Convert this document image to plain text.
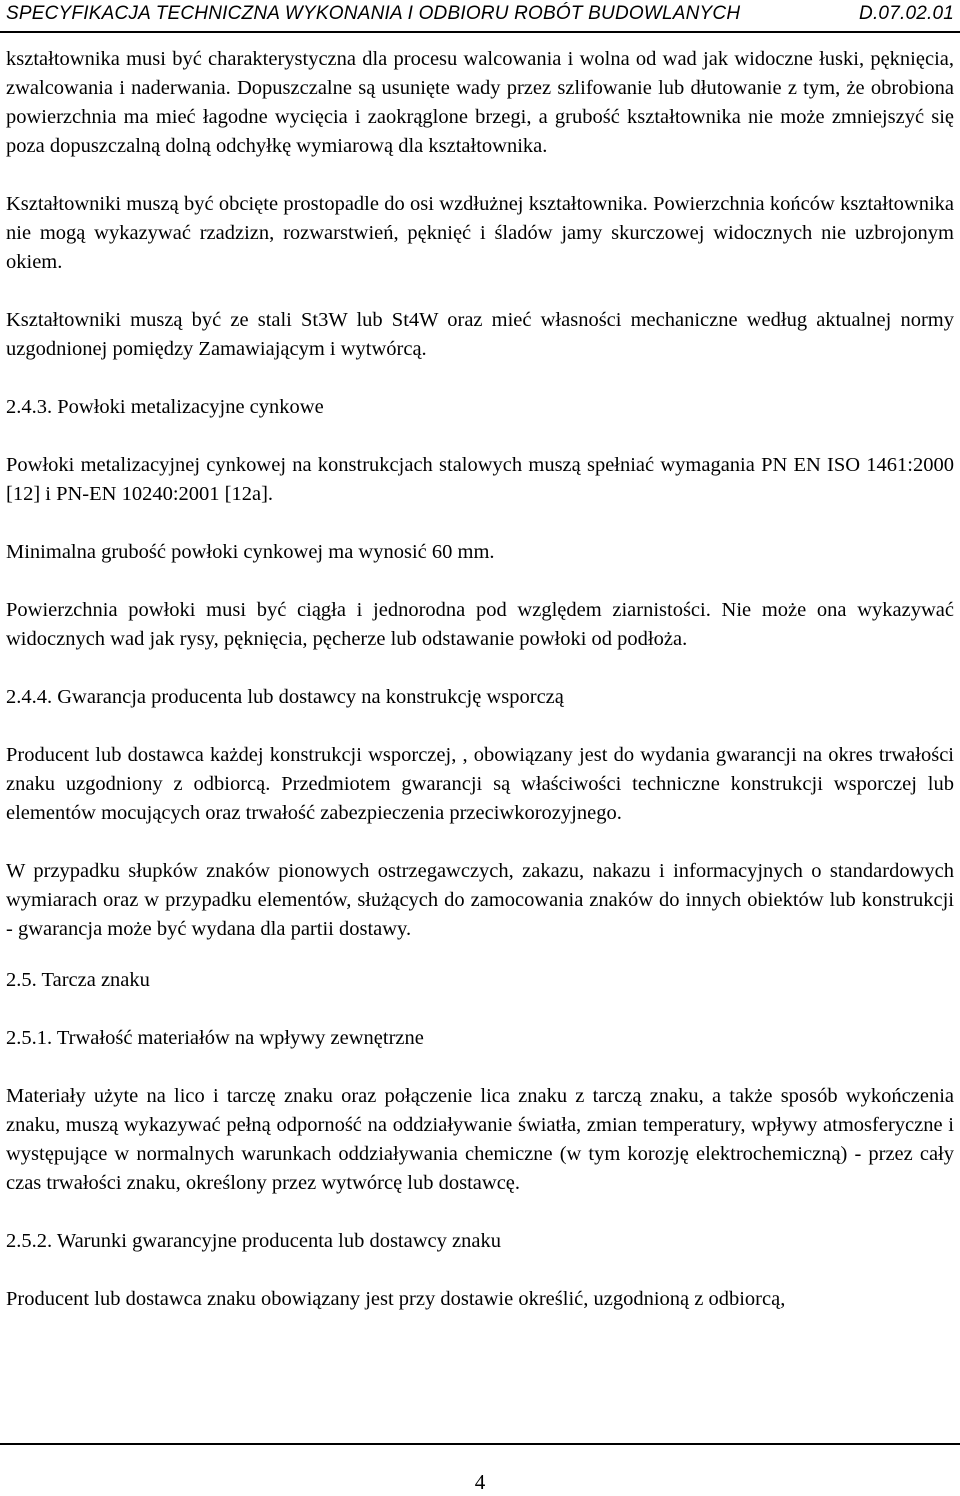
SPECYFIKACJA TECHNICZNA WYKONANIA I ODBIORU ROBÓT BUDOWLANYCH	D.07.02.01

kształtownika musi być charakterystyczna dla procesu walcowania i wolna od wad jak widoczne łuski, pęknięcia, zwalcowania i naderwania. Dopuszczalne są usunięte wady przez szlifowanie lub dłutowanie z tym, że obrobiona powierzchnia ma mieć łagodne wycięcia i zaokrąglone brzegi, a grubość kształtownika nie może zmniejszyć się poza dopuszczalną dolną odchyłkę wymiarową dla kształtownika.

Kształtowniki muszą być obcięte prostopadle do osi wzdłużnej kształtownika. Powierzchnia końców kształtownika nie mogą wykazywać rzadzizn, rozwarstwień, pęknięć i śladów jamy skurczowej widocznych nie uzbrojonym okiem.

Kształtowniki muszą być ze stali St3W lub St4W oraz mieć własności mechaniczne według aktualnej normy uzgodnionej pomiędzy Zamawiającym i wytwórcą.

2.4.3. Powłoki metalizacyjne cynkowe

Powłoki metalizacyjnej cynkowej na konstrukcjach stalowych muszą spełniać wymagania PN EN ISO 1461:2000 [12] i PN-EN 10240:2001 [12a].

Minimalna grubość powłoki cynkowej ma wynosić 60 mm.

Powierzchnia powłoki musi być ciągła i jednorodna pod względem ziarnistości. Nie może ona wykazywać widocznych wad jak rysy, pęknięcia, pęcherze lub odstawanie powłoki od podłoża.

2.4.4. Gwarancja producenta lub dostawcy na konstrukcję wsporczą

Producent lub dostawca każdej konstrukcji wsporczej, , obowiązany jest do wydania gwarancji na okres trwałości znaku uzgodniony z odbiorcą. Przedmiotem gwarancji są właściwości techniczne konstrukcji wsporczej lub elementów mocujących oraz trwałość zabezpieczenia przeciwkorozyjnego.

W przypadku słupków znaków pionowych ostrzegawczych, zakazu, nakazu i informacyjnych o standardowych wymiarach oraz w przypadku elementów, służących do zamocowania znaków do innych obiektów lub konstrukcji - gwarancja może być wydana dla partii dostawy.

2.5. Tarcza znaku

2.5.1. Trwałość materiałów na wpływy zewnętrzne

Materiały użyte na lico i tarczę znaku oraz połączenie lica znaku z tarczą znaku, a także sposób wykończenia znaku, muszą wykazywać pełną odporność na oddziaływanie światła, zmian temperatury, wpływy atmosferyczne i występujące w normalnych warunkach oddziaływania chemiczne (w tym korozję elektrochemiczną) - przez cały czas trwałości znaku, określony przez wytwórcę lub dostawcę.

2.5.2. Warunki gwarancyjne producenta lub dostawcy znaku

Producent lub dostawca znaku obowiązany jest przy dostawie określić, uzgodnioną z odbiorcą,

4
